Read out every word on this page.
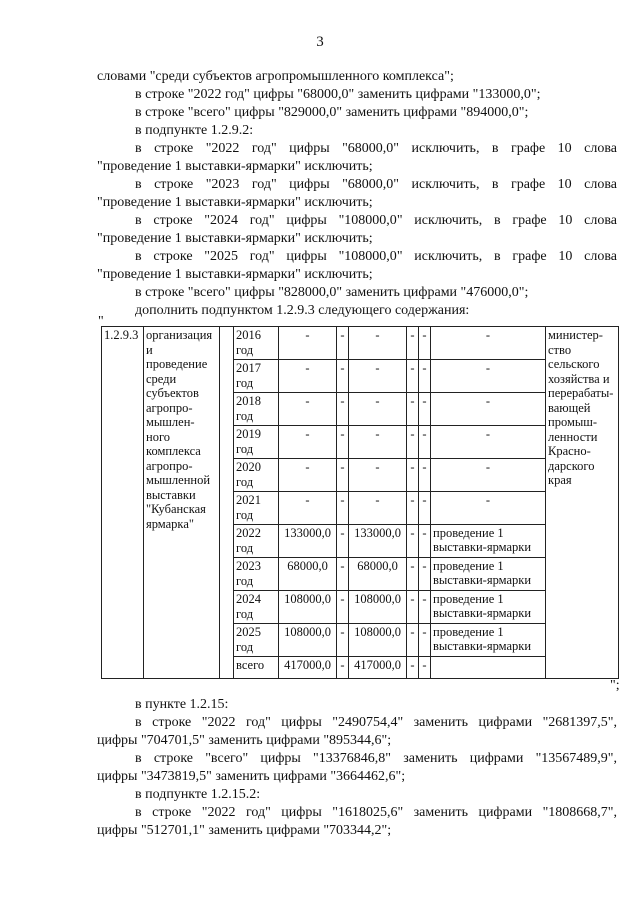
3
словами "среди субъектов агропромышленного комплекса";
в строке "2022 год" цифры "68000,0" заменить цифрами "133000,0";
в строке "всего" цифры "829000,0" заменить цифрами "894000,0";
в подпункте 1.2.9.2:
в строке "2022 год" цифры "68000,0" исключить, в графе 10 слова
"проведение 1 выставки-ярмарки" исключить;
в строке "2023 год" цифры "68000,0" исключить, в графе 10 слова
"проведение 1 выставки-ярмарки" исключить;
в строке "2024 год" цифры "108000,0" исключить, в графе 10 слова
"проведение 1 выставки-ярмарки" исключить;
в строке "2025 год" цифры "108000,0" исключить, в графе 10 слова
"проведение 1 выставки-ярмарки" исключить;
в строке "всего" цифры "828000,0" заменить цифрами "476000,0";
дополнить подпунктом 1.2.9.3 следующего содержания:
"
1.2.9.3	организация и проведение среди субъектов агропро-мышлен-ного комплекса агропро-мышленной выставки "Кубанская ярмарка"		2016 год	-	-	-	-	-	-	министер-ство сельского хозяйства и перерабаты-вающей промыш-ленности Красно-дарского края
			2017 год	-	-	-	-	-	-	
			2018 год	-	-	-	-	-	-	
			2019 год	-	-	-	-	-	-	
			2020 год	-	-	-	-	-	-	
			2021 год	-	-	-	-	-	-	
			2022 год	133000,0	-	133000,0	-	-	проведение 1 выставки-ярмарки	
			2023 год	68000,0	-	68000,0	-	-	проведение 1 выставки-ярмарки	
			2024 год	108000,0	-	108000,0	-	-	проведение 1 выставки-ярмарки	
			2025 год	108000,0	-	108000,0	-	-	проведение 1 выставки-ярмарки	
			всего	417000,0	-	417000,0	-	-		
";
в пункте 1.2.15:
в строке "2022 год" цифры "2490754,4" заменить цифрами "2681397,5",
цифры "704701,5" заменить цифрами "895344,6";
в строке "всего" цифры "13376846,8" заменить цифрами "13567489,9",
цифры "3473819,5" заменить цифрами "3664462,6";
в подпункте 1.2.15.2:
в строке "2022 год" цифры "1618025,6" заменить цифрами "1808668,7",
цифры "512701,1" заменить цифрами "703344,2";
